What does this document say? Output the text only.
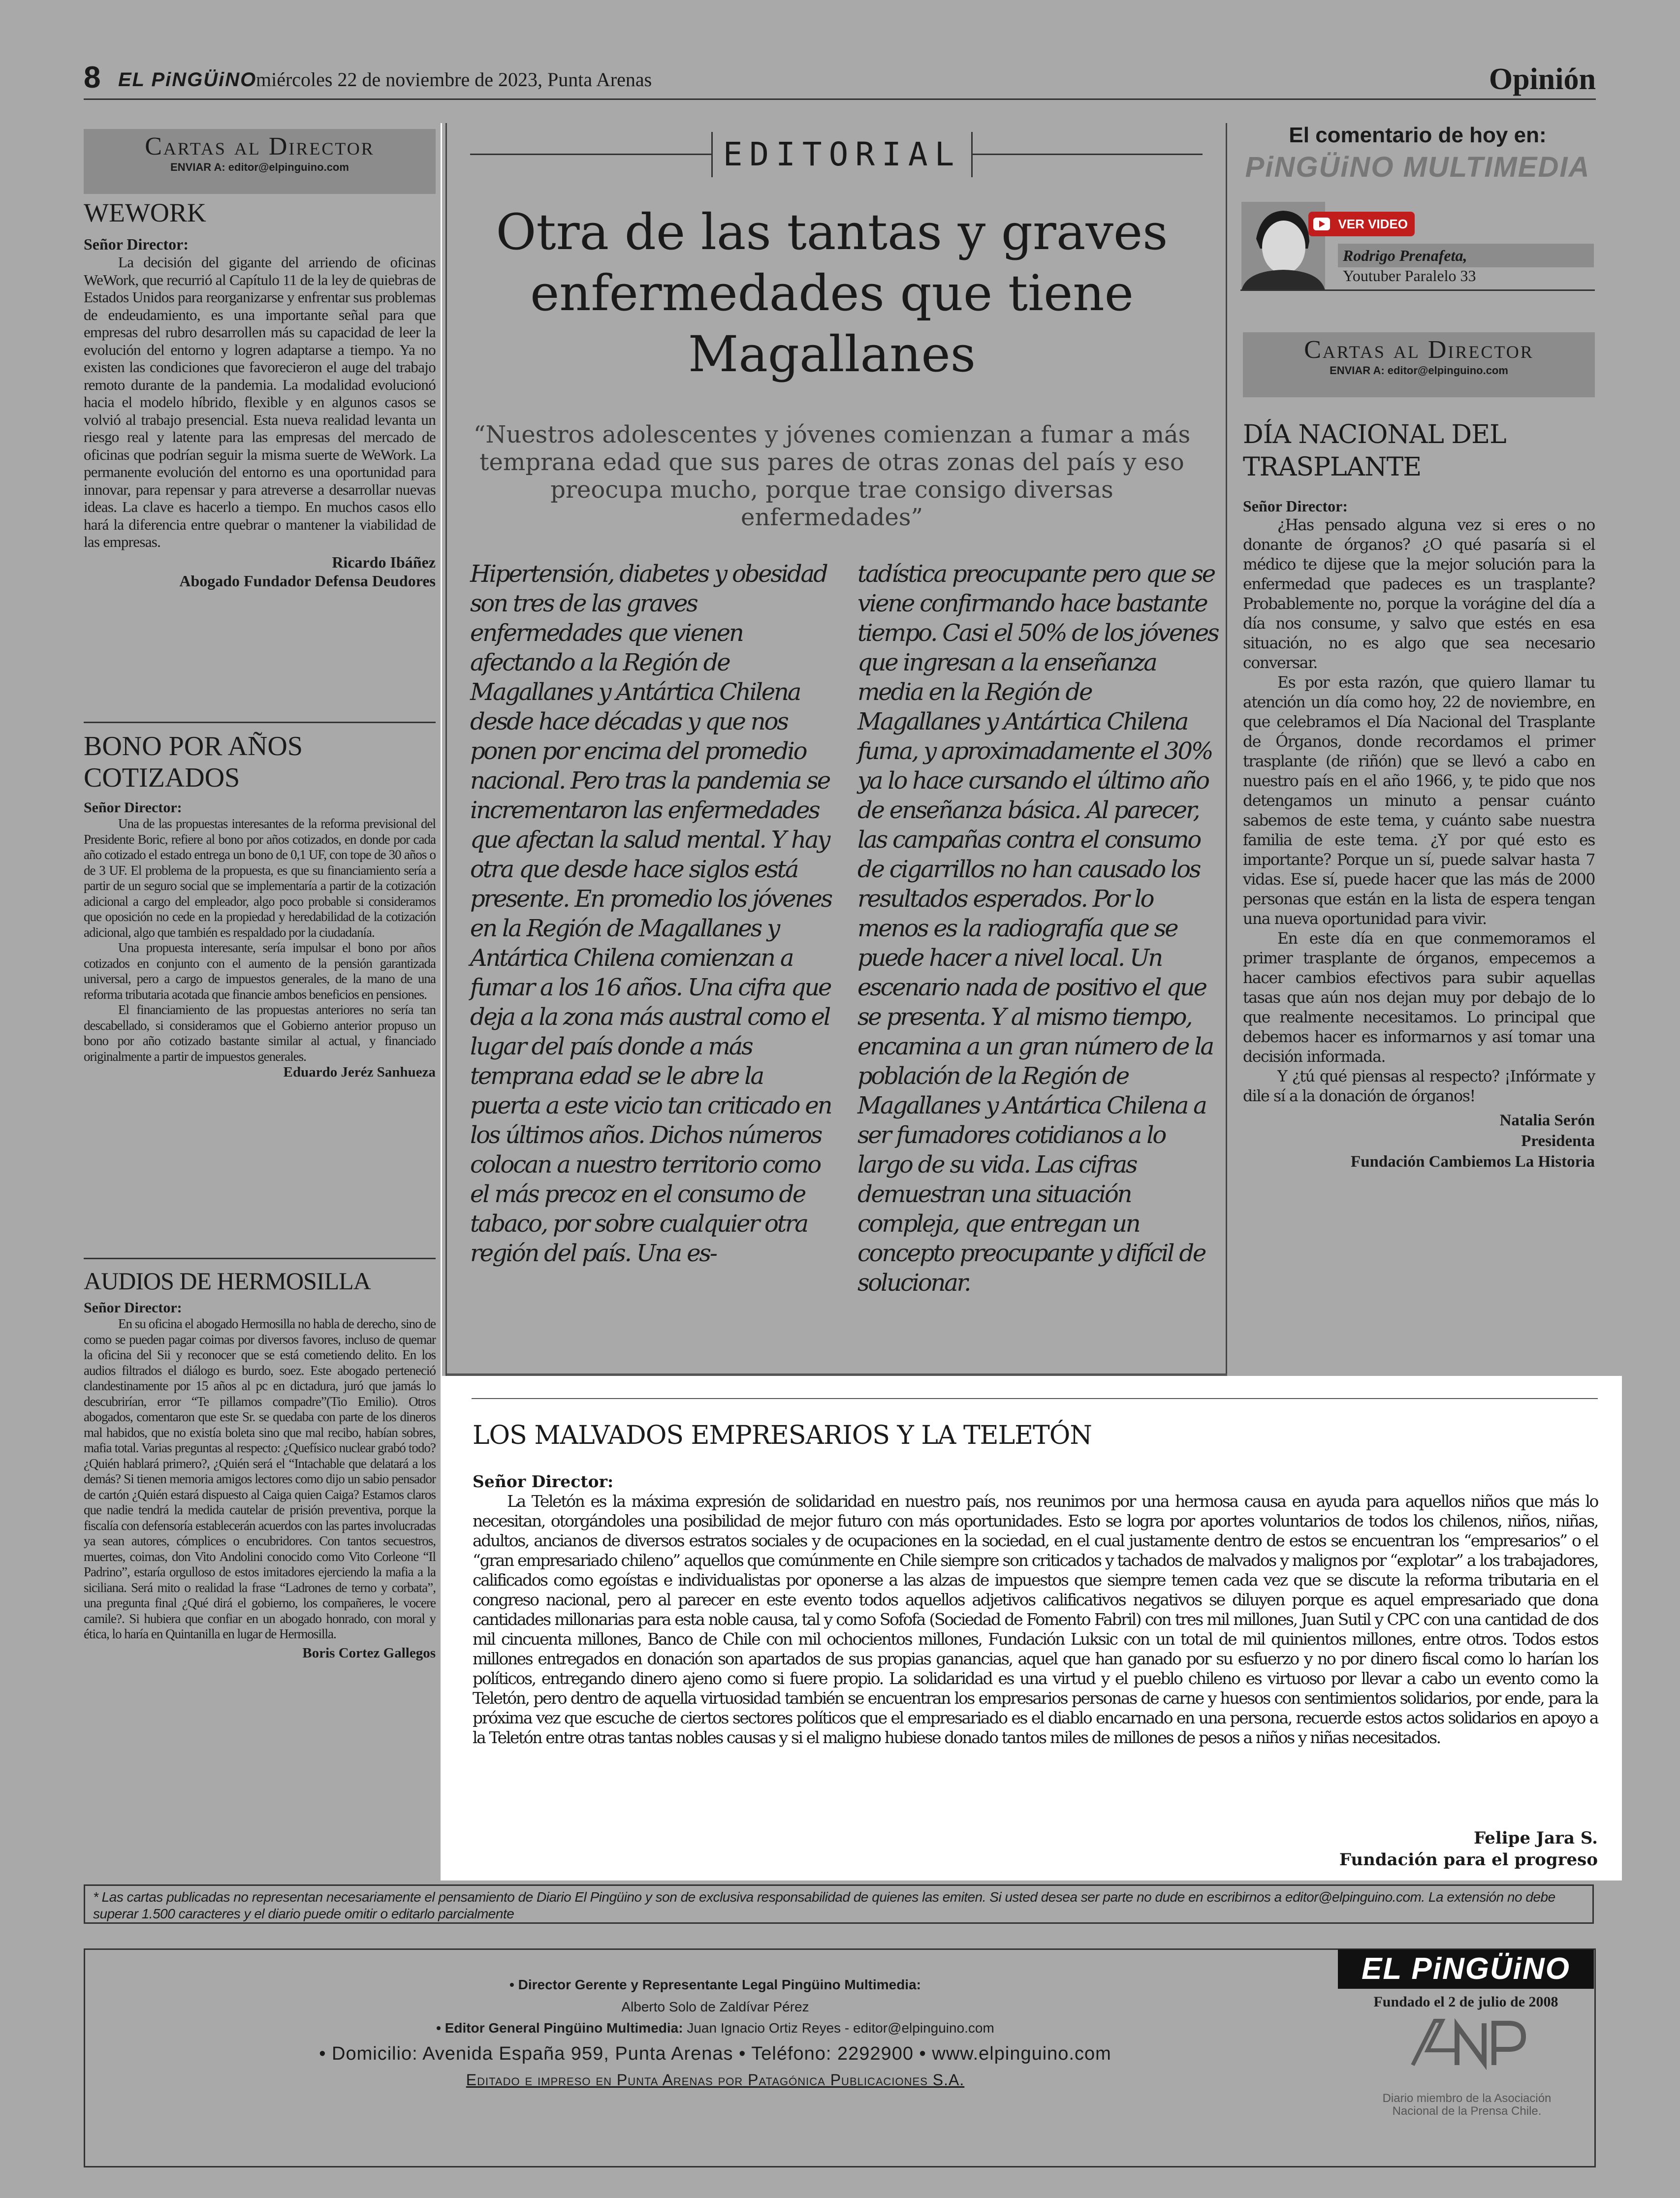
8 EL PiNGÜiNO
miércoles 22 de noviembre de 2023, Punta Arenas	Opinión
Cartas al Director
ENVIAR A: editor@elpinguino.com
WEWORK
Señor Director:

La decisión del gigante del arriendo de oficinas WeWork, que recurrió al Capítulo 11 de la ley de quiebras de Estados Unidos para reorganizarse y enfrentar sus problemas de endeudamiento, es una importante señal para que empresas del rubro desarrollen más su capacidad de leer la evolución del entorno y logren adaptarse a tiempo. Ya no existen las condiciones que favorecieron el auge del trabajo remoto durante de la pandemia. La modalidad evolucionó hacia el modelo híbrido, flexible y en algunos casos se volvió al trabajo presencial. Esta nueva realidad levanta un riesgo real y latente para las empresas del mercado de oficinas que podrían seguir la misma suerte de WeWork. La permanente evolución del entorno es una oportunidad para innovar, para repensar y para atreverse a desarrollar nuevas ideas. La clave es hacerlo a tiempo. En muchos casos ello hará la diferencia entre quebrar o mantener la viabilidad de las empresas.

Ricardo Ibáñez
Abogado Fundador Defensa Deudores
BONO POR AÑOS COTIZADOS
Señor Director:

Una de las propuestas interesantes de la reforma previsional del Presidente Boric, refiere al bono por años cotizados, en donde por cada año cotizado el estado entrega un bono de 0,1 UF, con tope de 30 años o de 3 UF. El problema de la propuesta, es que su financiamiento sería a partir de un seguro social que se implementaría a partir de la cotización adicional a cargo del empleador, algo poco probable si consideramos que oposición no cede en la propiedad y heredabilidad de la cotización adicional, algo que también es respaldado por la ciudadanía.

Una propuesta interesante, sería impulsar el bono por años cotizados en conjunto con el aumento de la pensión garantizada universal, pero a cargo de impuestos generales, de la mano de una reforma tributaria acotada que financie ambos beneficios en pensiones.

El financiamiento de las propuestas anteriores no sería tan descabellado, si consideramos que el Gobierno anterior propuso un bono por año cotizado bastante similar al actual, y financiado originalmente a partir de impuestos generales.

Eduardo Jeréz Sanhueza
AUDIOS DE HERMOSILLA
Señor Director:

En su oficina el abogado Hermosilla no habla de derecho, sino de como se pueden pagar coimas por diversos favores, incluso de quemar la oficina del Sii y reconocer que se está cometiendo delito. En los audios filtrados el diálogo es burdo, soez. Este abogado perteneció clandestinamente por 15 años al pc en dictadura, juró que jamás lo descubrirían, error “Te pillamos compadre”(Tio Emilio). Otros abogados, comentaron que este Sr. se quedaba con parte de los dineros mal habidos, que no existía boleta sino que mal recibo, habían sobres, mafia total. Varias preguntas al respecto: ¿Quefísico nuclear grabó todo? ¿Quién hablará primero?, ¿Quién será el “Intachable que delatará a los demás? Si tienen memoria amigos lectores como dijo un sabio pensador de cartón ¿Quién estará dispuesto al Caiga quien Caiga? Estamos claros que nadie tendrá la medida cautelar de prisión preventiva, porque la fiscalía con defensoría establecerán acuerdos con las partes involucradas ya sean autores, cómplices o encubridores. Con tantos secuestros, muertes, coimas, don Vito Andolini conocido como Vito Corleone “Il Padrino”, estaría orgulloso de estos imitadores ejerciendo la mafia a la siciliana. Será mito o realidad la frase “Ladrones de terno y corbata”, una pregunta final ¿Qué dirá el gobierno, los compañeres, le vocere camile?. Si hubiera que confiar en un abogado honrado, con moral y ética, lo haría en Quintanilla en lugar de Hermosilla.

Boris Cortez Gallegos
EDITORIAL
Otra de las tantas y graves enfermedades que tiene Magallanes
“Nuestros adolescentes y jóvenes comienzan a fumar a más temprana edad que sus pares de otras zonas del país y eso preocupa mucho, porque trae consigo diversas enfermedades”
Hipertensión, diabetes y obesidad son tres de las graves enfermedades que vienen afectando a la Región de Magallanes y Antártica Chilena desde hace décadas y que nos ponen por encima del promedio nacional. Pero tras la pandemia se incrementaron las enfermedades que afectan la salud mental. Y hay otra que desde hace siglos está presente. En promedio los jóvenes en la Región de Magallanes y Antártica Chilena comienzan a fumar a los 16 años. Una cifra que deja a la zona más austral como el lugar del país donde a más temprana edad se le abre la puerta a este vicio tan criticado en los últimos años. Dichos números colocan a nuestro territorio como el más precoz en el consumo de tabaco, por sobre cualquier otra región del país. Una es-
tadística preocupante pero que se viene confirmando hace bastante tiempo. Casi el 50% de los jóvenes que ingresan a la enseñanza media en la Región de Magallanes y Antártica Chilena fuma, y aproximadamente el 30% ya lo hace cursando el último año de enseñanza básica. Al parecer, las campañas contra el consumo de cigarrillos no han causado los resultados esperados. Por lo menos es la radiografía que se puede hacer a nivel local. Un escenario nada de positivo el que se presenta. Y al mismo tiempo, encamina a un gran número de la población de la Región de Magallanes y Antártica Chilena a ser fumadores cotidianos a lo largo de su vida. Las cifras demuestran una situación compleja, que entregan un concepto preocupante y difícil de solucionar.
El comentario de hoy en:
PiNGÜiNO MULTIMEDIA
VER VIDEO
Rodrigo Prenafeta,
Youtuber Paralelo 33
Cartas al Director
ENVIAR A: editor@elpinguino.com
DÍA NACIONAL DEL TRASPLANTE
Señor Director:

¿Has pensado alguna vez si eres o no donante de órganos? ¿O qué pasaría si el médico te dijese que la mejor solución para la enfermedad que padeces es un trasplante? Probablemente no, porque la vorágine del día a día nos consume, y salvo que estés en esa situación, no es algo que sea necesario conversar.

Es por esta razón, que quiero llamar tu atención un día como hoy, 22 de noviembre, en que celebramos el Día Nacional del Trasplante de Órganos, donde recordamos el primer trasplante (de riñón) que se llevó a cabo en nuestro país en el año 1966, y, te pido que nos detengamos un minuto a pensar cuánto sabemos de este tema, y cuánto sabe nuestra familia de este tema. ¿Y por qué esto es importante? Porque un sí, puede salvar hasta 7 vidas. Ese sí, puede hacer que las más de 2000 personas que están en la lista de espera tengan una nueva oportunidad para vivir.

En este día en que conmemoramos el primer trasplante de órganos, empecemos a hacer cambios efectivos para subir aquellas tasas que aún nos dejan muy por debajo de lo que realmente necesitamos. Lo principal que debemos hacer es informarnos y así tomar una decisión informada.

Y ¿tú qué piensas al respecto? ¡Infórmate y dile sí a la donación de órganos!

Natalia Serón
Presidenta
Fundación Cambiemos La Historia
LOS MALVADOS EMPRESARIOS Y LA TELETÓN
Señor Director:

La Teletón es la máxima expresión de solidaridad en nuestro país, nos reunimos por una hermosa causa en ayuda para aquellos niños que más lo necesitan, otorgándoles una posibilidad de mejor futuro con más oportunidades. Esto se logra por aportes voluntarios de todos los chilenos, niños, niñas, adultos, ancianos de diversos estratos sociales y de ocupaciones en la sociedad, en el cual justamente dentro de estos se encuentran los “empresarios” o el “gran empresariado chileno” aquellos que comúnmente en Chile siempre son criticados y tachados de malvados y malignos por “explotar” a los trabajadores, calificados como egoístas e individualistas por oponerse a las alzas de impuestos que siempre temen cada vez que se discute la reforma tributaria en el congreso nacional, pero al parecer en este evento todos aquellos adjetivos calificativos negativos se diluyen porque es aquel empresariado que dona cantidades millonarias para esta noble causa, tal y como Sofofa (Sociedad de Fomento Fabril) con tres mil millones, Juan Sutil y CPC con una cantidad de dos mil cincuenta millones, Banco de Chile con mil ochocientos millones, Fundación Luksic con un total de mil quinientos millones, entre otros. Todos estos millones entregados en donación son apartados de sus propias ganancias, aquel que han ganado por su esfuerzo y no por dinero fiscal como lo harían los políticos, entregando dinero ajeno como si fuere propio. La solidaridad es una virtud y el pueblo chileno es virtuoso por llevar a cabo un evento como la Teletón, pero dentro de aquella virtuosidad también se encuentran los empresarios personas de carne y huesos con sentimientos solidarios, por ende, para la próxima vez que escuche de ciertos sectores políticos que el empresariado es el diablo encarnado en una persona, recuerde estos actos solidarios en apoyo a la Teletón entre otras tantas nobles causas y si el maligno hubiese donado tantos miles de millones de pesos a niños y niñas necesitados.

Felipe Jara S.
Fundación para el progreso
* Las cartas publicadas no representan necesariamente el pensamiento de Diario El Pingüino y son de exclusiva responsabilidad de quienes las emiten. Si usted desea ser parte no dude en escribirnos a editor@elpinguino.com. La extensión no debe superar 1.500 caracteres y el diario puede omitir o editarlo parcialmente
• Director Gerente y Representante Legal Pingüino Multimedia:
Alberto Solo de Zaldívar Pérez
• Editor General Pingüino Multimedia: Juan Ignacio Ortiz Reyes - editor@elpinguino.com
• Domicilio: Avenida España 959, Punta Arenas • Teléfono: 2292900 • www.elpinguino.com
Editado e impreso en Punta Arenas por Patagónica Publicaciones S.A.
EL PiNGÜiNO
Fundado el 2 de julio de 2008
Diario miembro de la Asociación Nacional de la Prensa Chile.
